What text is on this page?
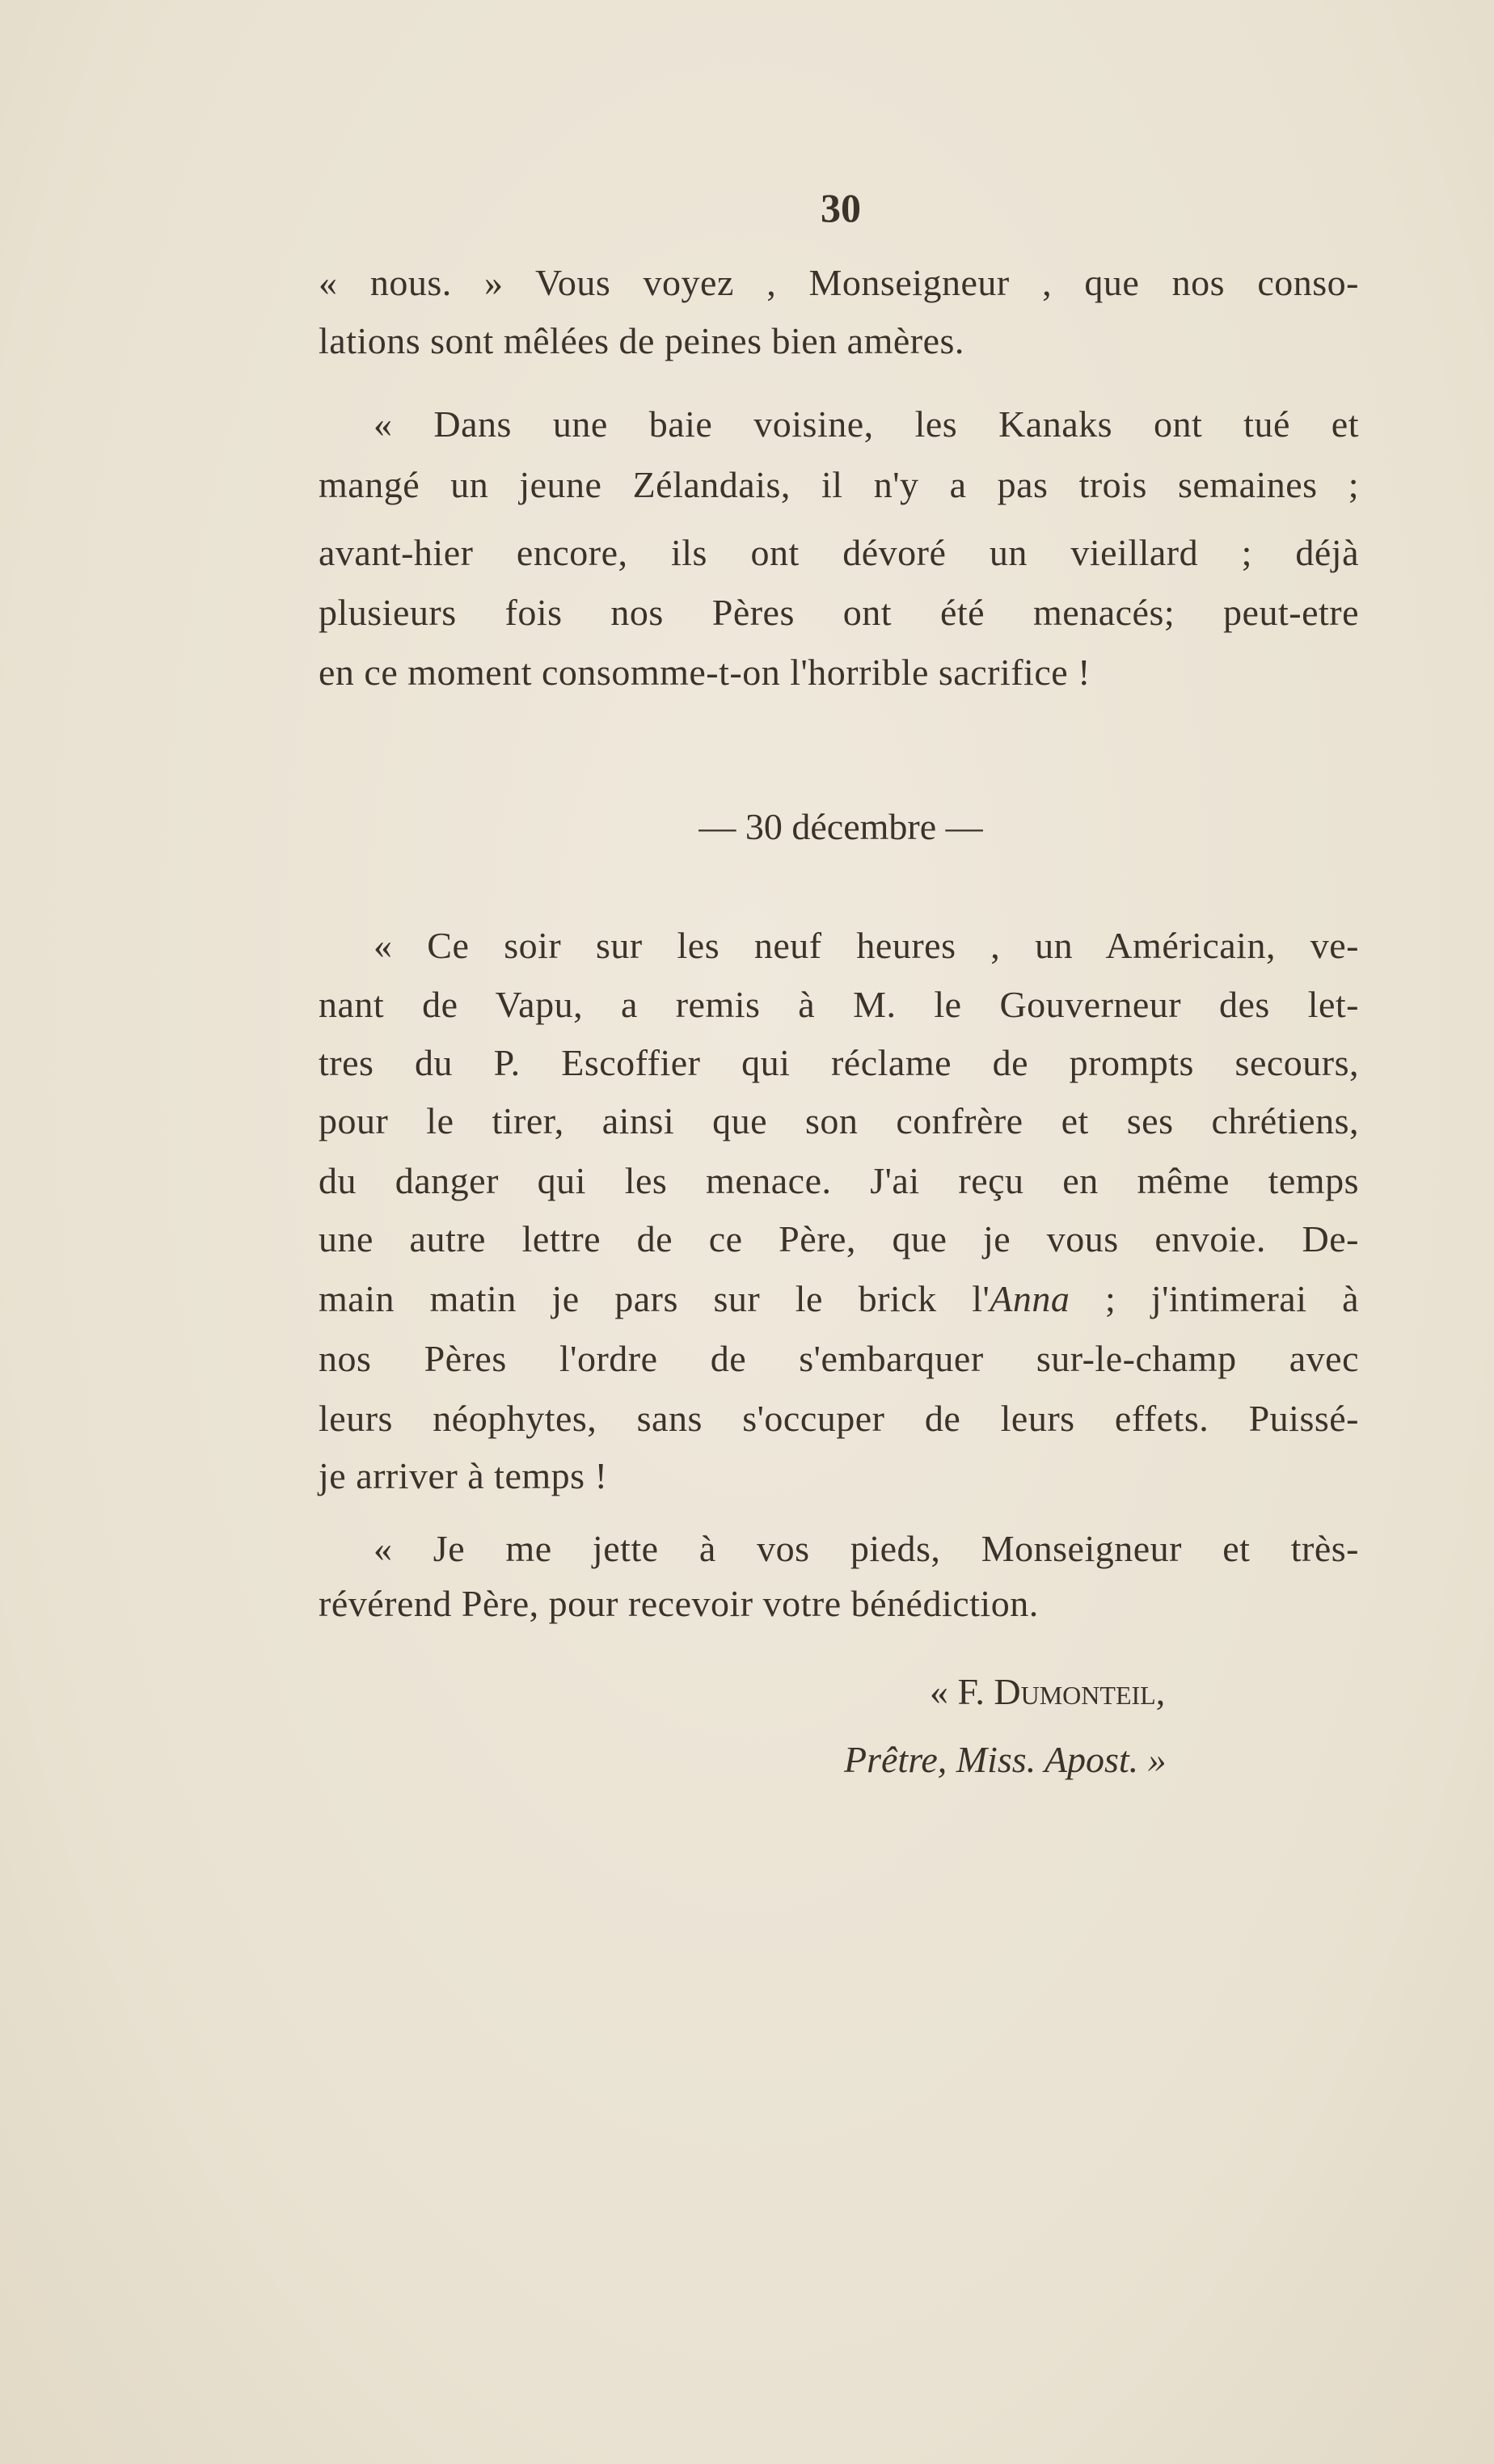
30
« nous. » Vous voyez , Monseigneur , que nos conso-
lations sont mêlées de peines bien amères.
« Dans une baie voisine, les Kanaks ont tué et
mangé un jeune Zélandais, il n'y a pas trois semaines ;
avant-hier encore, ils ont dévoré un vieillard ; déjà
plusieurs fois nos Pères ont été menacés; peut-etre
en ce moment consomme-t-on l'horrible sacrifice !
— 30 décembre —
« Ce soir sur les neuf heures , un Américain, ve-
nant de Vapu, a remis à M. le Gouverneur des let-
tres du P. Escoffier qui réclame de prompts secours,
pour le tirer, ainsi que son confrère et ses chrétiens,
du danger qui les menace. J'ai reçu en même temps
une autre lettre de ce Père, que je vous envoie. De-
main matin je pars sur le brick l'Anna ; j'intimerai à
nos Pères l'ordre de s'embarquer sur-le-champ avec
leurs néophytes, sans s'occuper de leurs effets. Puissé-
je arriver à temps !
« Je me jette à vos pieds, Monseigneur et très-
révérend Père, pour recevoir votre bénédiction.
« F. Dumonteil,
Prêtre, Miss. Apost. »
